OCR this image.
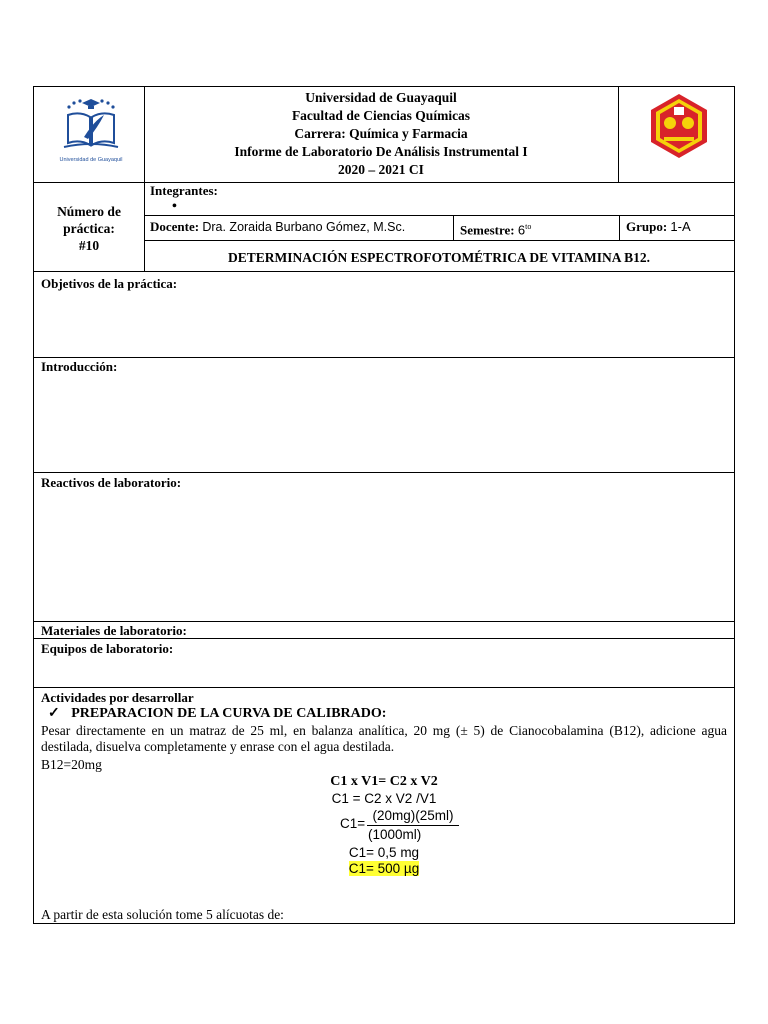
Universidad de Guayaquil
Universidad de Guayaquil
Facultad de Ciencias Químicas
Carrera: Química y Farmacia
Informe de Laboratorio De Análisis Instrumental I
2020 – 2021 CI
Número de práctica:
#10
Integrantes:
•
Docente: Dra. Zoraida Burbano Gómez, M.Sc.	Semestre: $6^{to}$	Grupo: 1-A
DETERMINACIÓN ESPECTROFOTOMÉTRICA DE VITAMINA B12.
Objetivos de la práctica:
Introducción:
Reactivos de laboratorio:
Materiales de laboratorio:
Equipos de laboratorio:
Actividades por desarrollar
✓ PREPARACION DE LA CURVA DE CALIBRADO:
Pesar directamente en un matraz de 25 ml, en balanza analítica, 20 mg (± 5) de Cianocobalamina (B12), adicione agua destilada, disuelva completamente y enrase con el agua destilada.
B12=20mg
C1 x V1= C2 x V2
C1 = C2 x V2 /V1
C1=
(20mg)(25ml)
(1000ml)
C1= 0,5 mg
C1= 500 µg
A partir de esta solución tome 5 alícuotas de:
